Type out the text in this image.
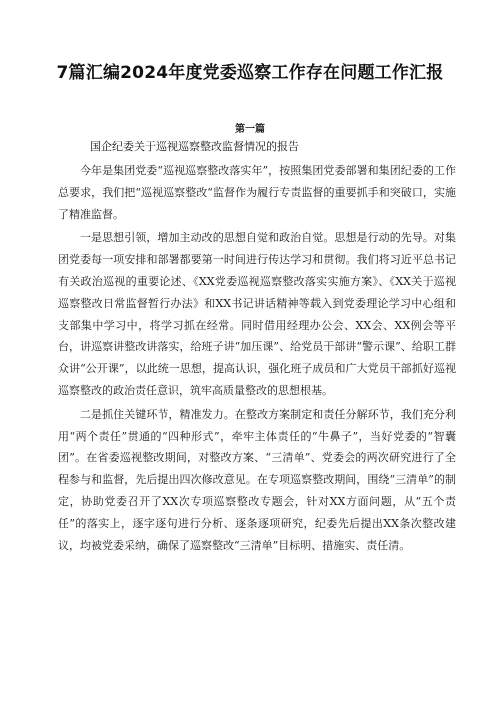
7篇汇编2024年度党委巡察工作存在问题工作汇报
第一篇
国企纪委关于巡视巡察整改监督情况的报告

今年是集团党委“巡视巡察整改落实年”，按照集团党委部署和集团纪委的工作总要求，我们把“巡视巡察整改“监督作为履行专责监督的重要抓手和突破口，实施了精准监督。

一是思想引领，增加主动改的思想自觉和政治自觉。思想是行动的先导。对集团党委每一项安排和部署都要第一时间进行传达学习和贯彻。我们将习近平总书记有关政治巡视的重要论述、《XX党委巡视巡察整改落实实施方案》、《XX关于巡视巡察整改日常监督暂行办法》和XX书记讲话精神等载入到党委理论学习中心组和支部集中学习中，将学习抓在经常。同时借用经理办公会、XX会、XX例会等平台，讲巡察讲整改讲落实，给班子讲“加压课”、给党员干部讲“警示课”、给职工群众讲“公开课”，以此统一思想，提高认识，强化班子成员和广大党员干部抓好巡视巡察整改的政治责任意识，筑牢高质量整改的思想根基。

二是抓住关键环节，精准发力。在整改方案制定和责任分解环节，我们充分利用“两个责任”贯通的“四种形式”，牵牢主体责任的“牛鼻子”，当好党委的“智囊团”。在省委巡视整改期间，对整改方案、“三清单”、党委会的两次研究进行了全程参与和监督，先后提出四次修改意见。在专项巡察整改期间，围绕“三清单”的制定，协助党委召开了XX次专项巡察整改专题会，针对XX方面问题，从“五个责任”的落实上，逐字逐句进行分析、逐条逐项研究，纪委先后提出XX条次整改建议，均被党委采纳，确保了巡察整改“三清单”目标明、措施实、责任清。
